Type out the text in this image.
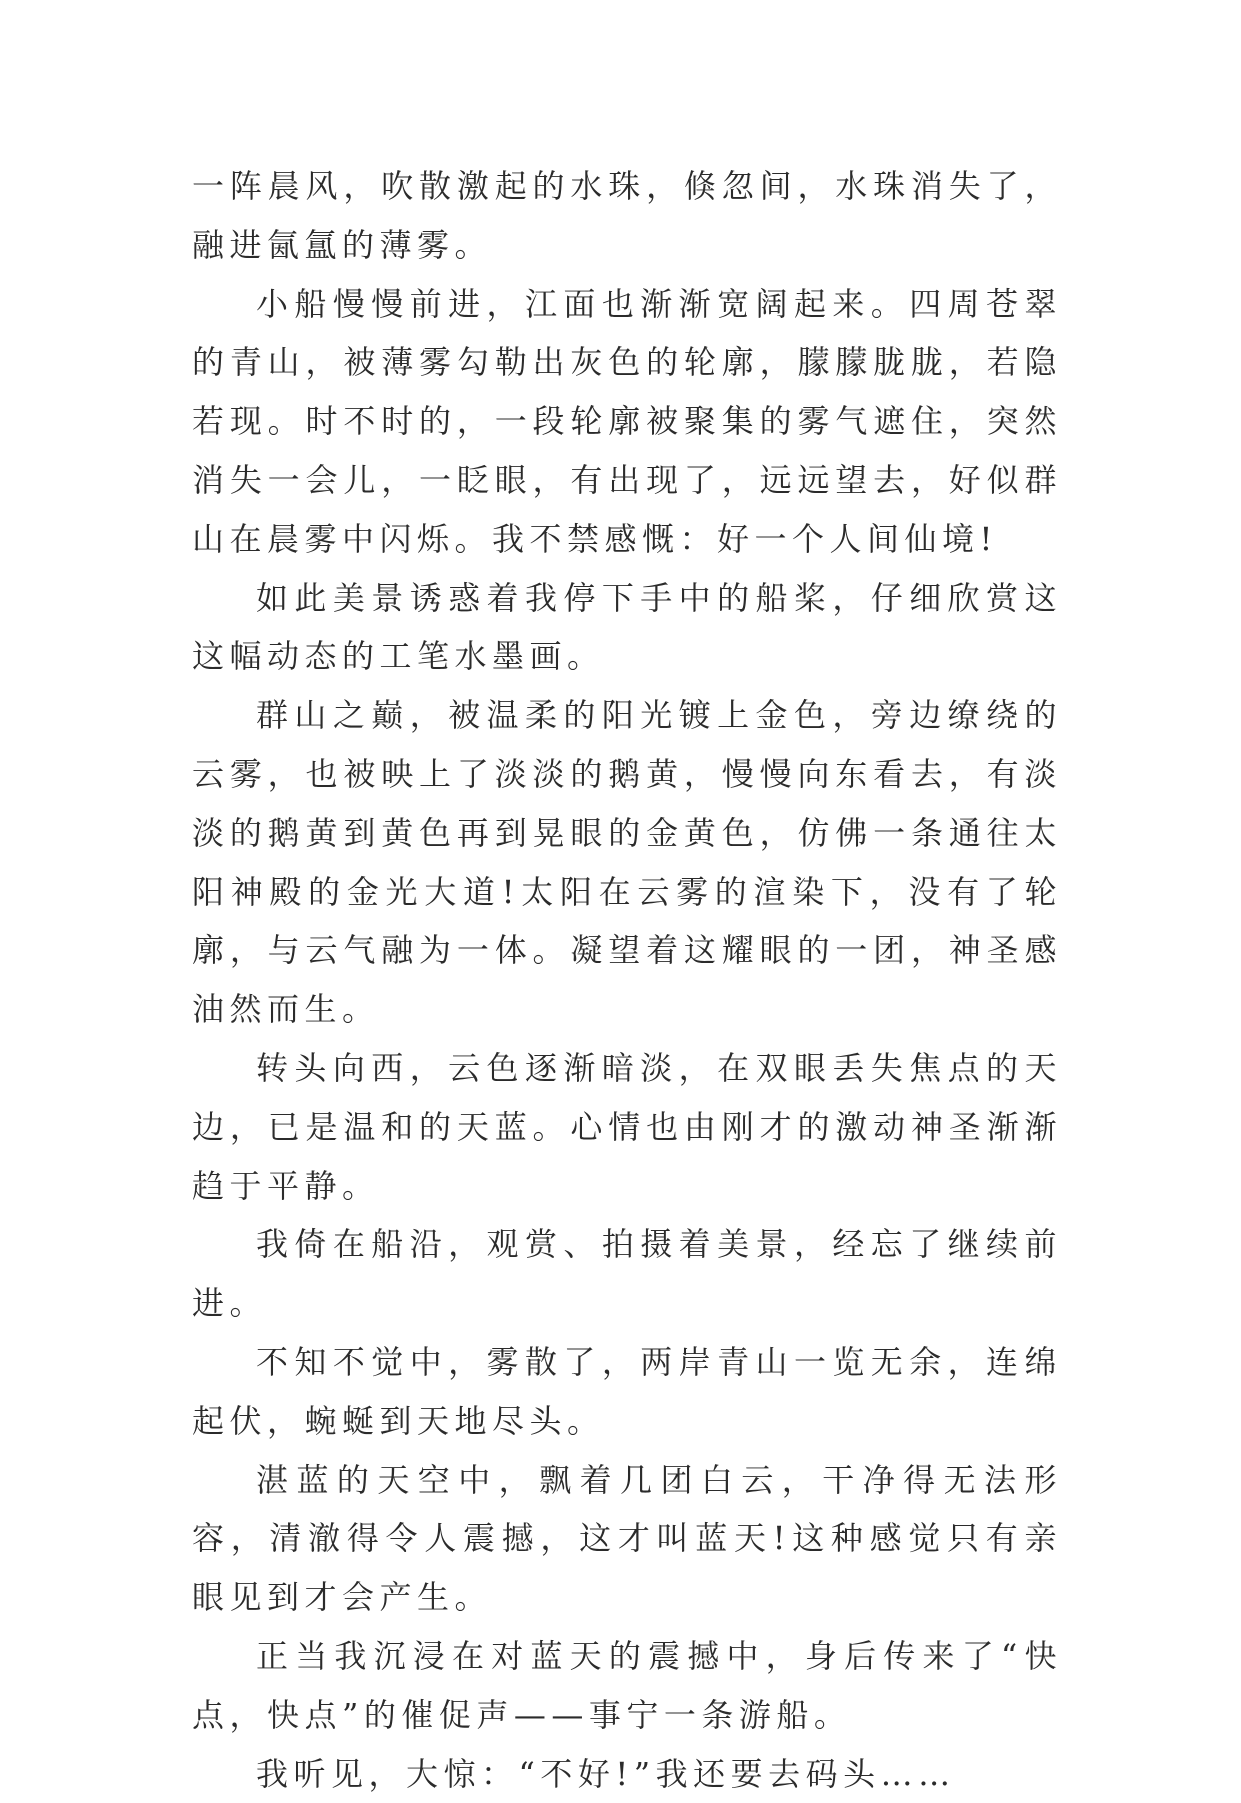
一阵晨风，吹散激起的水珠，倏忽间，水珠消失了，融进氤氲的薄雾。

小船慢慢前进，江面也渐渐宽阔起来。四周苍翠的青山，被薄雾勾勒出灰色的轮廓，朦朦胧胧，若隐若现。时不时的，一段轮廓被聚集的雾气遮住，突然消失一会儿，一眨眼，有出现了，远远望去，好似群山在晨雾中闪烁。我不禁感慨：好一个人间仙境!

如此美景诱惑着我停下手中的船桨，仔细欣赏这这幅动态的工笔水墨画。

群山之巅，被温柔的阳光镀上金色，旁边缭绕的云雾，也被映上了淡淡的鹅黄，慢慢向东看去，有淡淡的鹅黄到黄色再到晃眼的金黄色，仿佛一条通往太阳神殿的金光大道!太阳在云雾的渲染下，没有了轮廓，与云气融为一体。凝望着这耀眼的一团，神圣感油然而生。

转头向西，云色逐渐暗淡，在双眼丢失焦点的天边，已是温和的天蓝。心情也由刚才的激动神圣渐渐趋于平静。

我倚在船沿，观赏、拍摄着美景，经忘了继续前进。

不知不觉中，雾散了，两岸青山一览无余，连绵起伏，蜿蜒到天地尽头。

湛蓝的天空中，飘着几团白云，干净得无法形容，清澈得令人震撼，这才叫蓝天!这种感觉只有亲眼见到才会产生。

正当我沉浸在对蓝天的震撼中，身后传来了“快点，快点”的催促声——事宁一条游船。

我听见，大惊：“不好!”我还要去码头……
